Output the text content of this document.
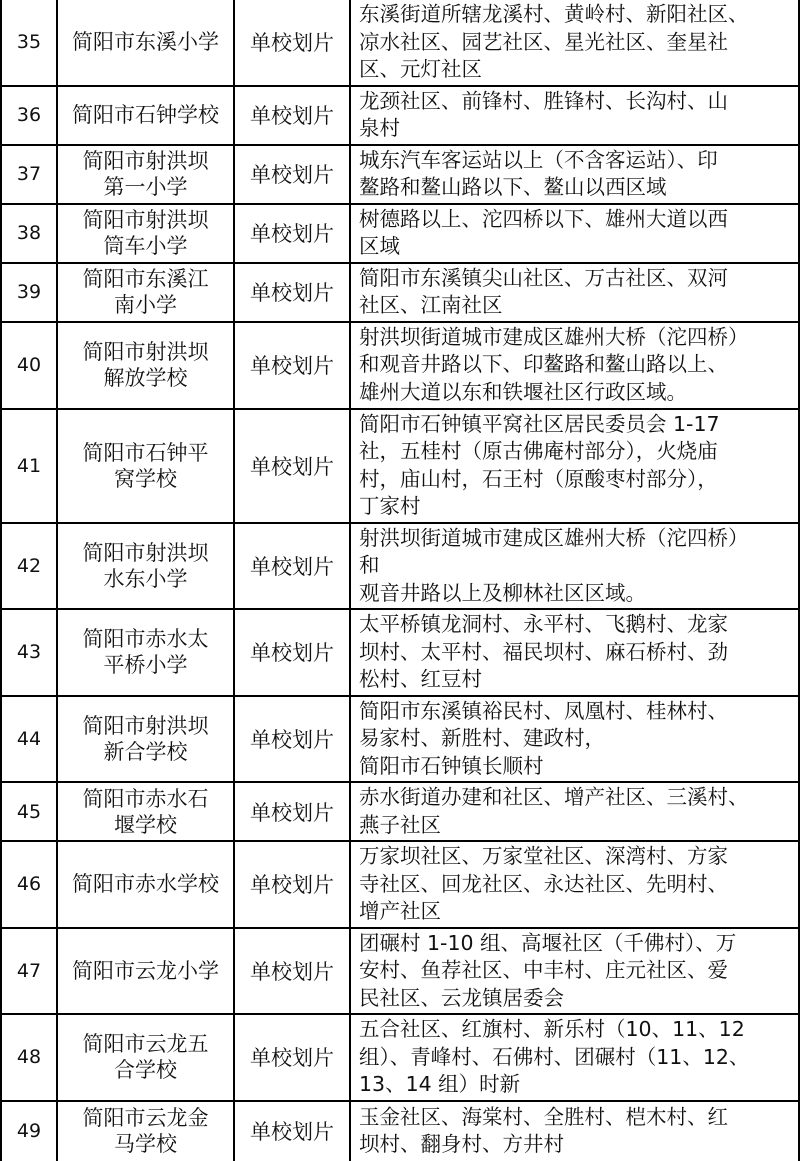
35	简阳市东溪小学	单校划片	东溪街道所辖龙溪村、黄岭村、新阳社区、
凉水社区、园艺社区、星光社区、奎星社
区、元灯社区

36	简阳市石钟学校	单校划片	龙颈社区、前锋村、胜锋村、长沟村、山
泉村

37	简阳市射洪坝
第一小学	单校划片	城东汽车客运站以上（不含客运站）、印
鳌路和鳌山路以下、鳌山以西区域

38	简阳市射洪坝
筒车小学	单校划片	树德路以上、沱四桥以下、雄州大道以西
区域

39	简阳市东溪江
南小学	单校划片	简阳市东溪镇尖山社区、万古社区、双河
社区、江南社区

40	简阳市射洪坝
解放学校	单校划片	射洪坝街道城市建成区雄州大桥（沱四桥）
和观音井路以下、印鳌路和鳌山路以上、
雄州大道以东和铁堰社区行政区域。

41	简阳市石钟平
窝学校	单校划片	简阳市石钟镇平窝社区居民委员会 1-17
社，五桂村（原古佛庵村部分），火烧庙
村，庙山村，石王村（原酸枣村部分），
丁家村

42	简阳市射洪坝
水东小学	单校划片	射洪坝街道城市建成区雄州大桥（沱四桥）
和
观音井路以上及柳林社区区域。

43	简阳市赤水太
平桥小学	单校划片	太平桥镇龙洞村、永平村、飞鹅村、龙家
坝村、太平村、福民坝村、麻石桥村、劲
松村、红豆村

44	简阳市射洪坝
新合学校	单校划片	简阳市东溪镇裕民村、凤凰村、桂林村、
易家村、新胜村、建政村，
简阳市石钟镇长顺村

45	简阳市赤水石
堰学校	单校划片	赤水街道办建和社区、增产社区、三溪村、
燕子社区

46	简阳市赤水学校	单校划片	万家坝社区、万家堂社区、深湾村、方家
寺社区、回龙社区、永达社区、先明村、
增产社区

47	简阳市云龙小学	单校划片	团碾村 1-10 组、高堰社区（千佛村）、万
安村、鱼荐社区、中丰村、庄元社区、爱
民社区、云龙镇居委会

48	简阳市云龙五
合学校	单校划片	五合社区、红旗村、新乐村（10、11、12
组）、青峰村、石佛村、团碾村（11、12、
13、14 组）时新

49	简阳市云龙金
马学校	单校划片	玉金社区、海棠村、全胜村、桤木村、红
坝村、翻身村、方井村
